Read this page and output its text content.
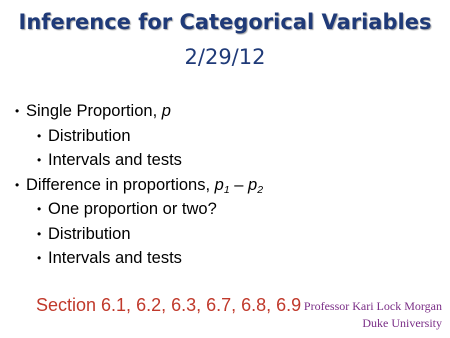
Inference for Categorical Variables
2/29/12
• Single Proportion, p
• Distribution
• Intervals and tests
• Difference in proportions, $p_1 - p_2$
• One proportion or two?
• Distribution
• Intervals and tests
Section 6.1, 6.2, 6.3, 6.7, 6.8, 6.9 Professor Kari Lock Morgan
Duke University
